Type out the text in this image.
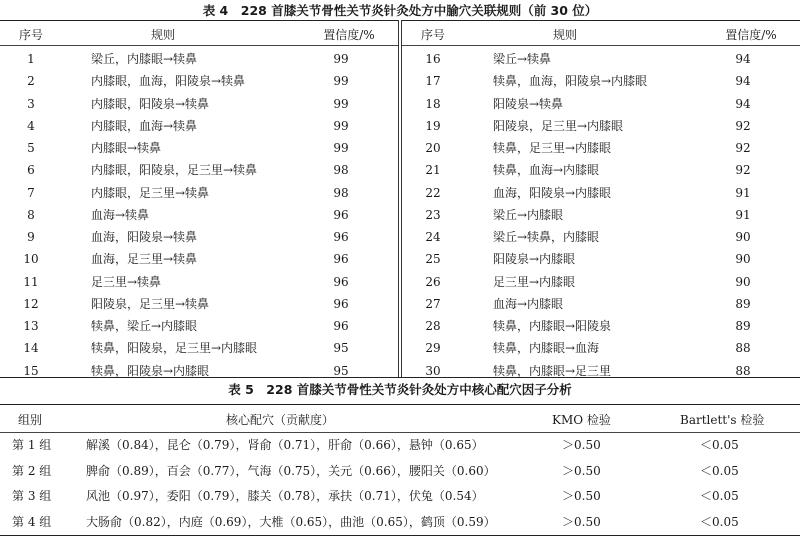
表 4　228 首膝关节骨性关节炎针灸处方中腧穴关联规则（前 30 位）
序号	规则	置信度/%
1	梁丘，内膝眼→犊鼻	99
2	内膝眼，血海，阳陵泉→犊鼻	99
3	内膝眼，阳陵泉→犊鼻	99
4	内膝眼，血海→犊鼻	99
5	内膝眼→犊鼻	99
6	内膝眼，阳陵泉，足三里→犊鼻	98
7	内膝眼，足三里→犊鼻	98
8	血海→犊鼻	96
9	血海，阳陵泉→犊鼻	96
10	血海，足三里→犊鼻	96
11	足三里→犊鼻	96
12	阳陵泉，足三里→犊鼻	96
13	犊鼻，梁丘→内膝眼	96
14	犊鼻，阳陵泉，足三里→内膝眼	95
15	犊鼻，阳陵泉→内膝眼	95
序号	规则	置信度/%
16	梁丘→犊鼻	94
17	犊鼻，血海，阳陵泉→内膝眼	94
18	阳陵泉→犊鼻	94
19	阳陵泉，足三里→内膝眼	92
20	犊鼻，足三里→内膝眼	92
21	犊鼻，血海→内膝眼	92
22	血海，阳陵泉→内膝眼	91
23	梁丘→内膝眼	91
24	梁丘→犊鼻，内膝眼	90
25	阳陵泉→内膝眼	90
26	足三里→内膝眼	90
27	血海→内膝眼	89
28	犊鼻，内膝眼→阳陵泉	89
29	犊鼻，内膝眼→血海	88
30	犊鼻，内膝眼→足三里	88
表 5　228 首膝关节骨性关节炎针灸处方中核心配穴因子分析
组别	核心配穴（贡献度）	KMO 检验	Bartlett's 检验
第 1 组	解溪（0.84），昆仑（0.79），肾俞（0.71），肝俞（0.66），悬钟（0.65）	＞0.50	＜0.05
第 2 组	脾俞（0.89），百会（0.77），气海（0.75），关元（0.66），腰阳关（0.60）	＞0.50	＜0.05
第 3 组	风池（0.97），委阳（0.79），膝关（0.78），承扶（0.71），伏兔（0.54）	＞0.50	＜0.05
第 4 组	大肠俞（0.82），内庭（0.69），大椎（0.65），曲池（0.65），鹤顶（0.59）	＞0.50	＜0.05
